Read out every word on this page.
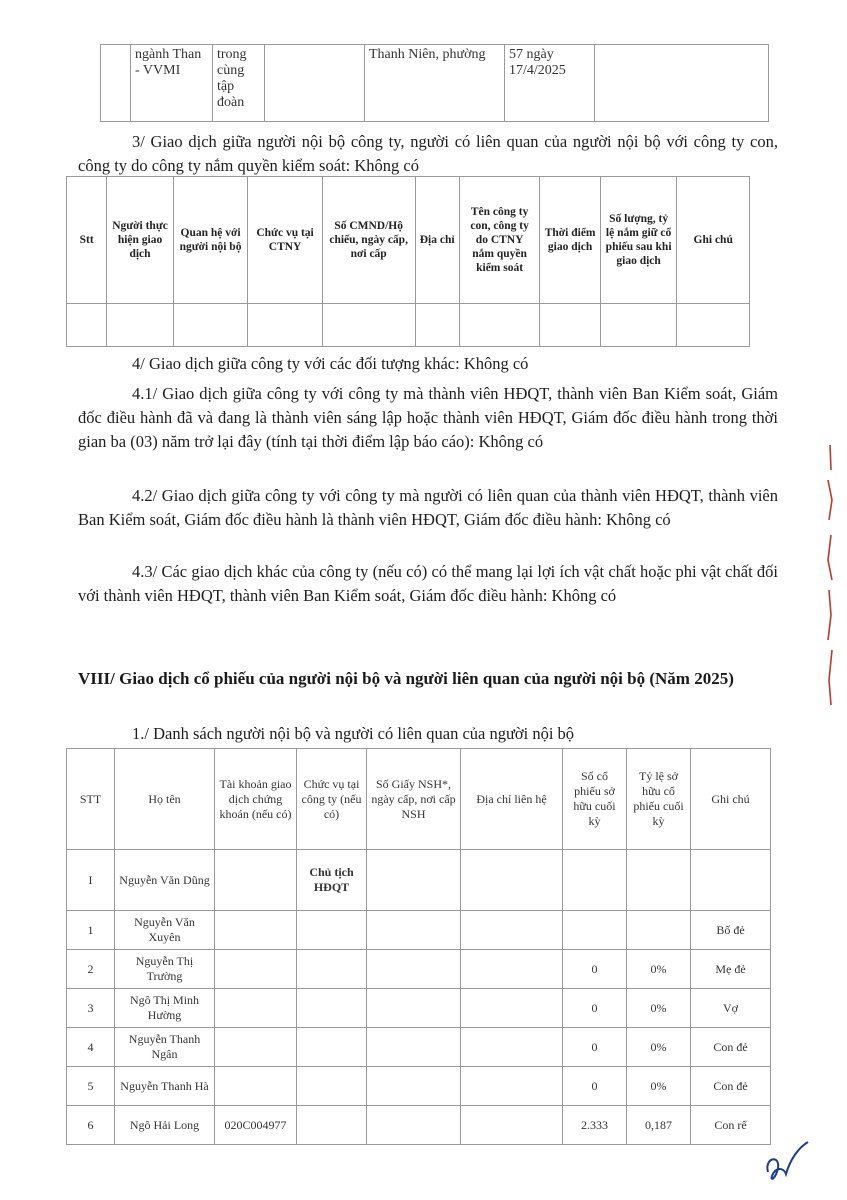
	ngành Than - VVMI	trong cùng tập đoàn		Thanh Niên, phường	57 ngày 17/4/2025	
3/ Giao dịch giữa người nội bộ công ty, người có liên quan của người nội bộ với công ty con, công ty do công ty nắm quyền kiểm soát: Không có
Stt	Người thực hiện giao dịch	Quan hệ với người nội bộ	Chức vụ tại CTNY	Số CMND/Hộ chiếu, ngày cấp, nơi cấp	Địa chỉ	Tên công ty con, công ty do CTNY nắm quyền kiểm soát	Thời điểm giao dịch	Số lượng, tỷ lệ nắm giữ cổ phiếu sau khi giao dịch	Ghi chú

4/ Giao dịch giữa công ty với các đối tượng khác: Không có
4.1/ Giao dịch giữa công ty với công ty mà thành viên HĐQT, thành viên Ban Kiểm soát, Giám đốc điều hành đã và đang là thành viên sáng lập hoặc thành viên HĐQT, Giám đốc điều hành trong thời gian ba (03) năm trở lại đây (tính tại thời điểm lập báo cáo): Không có
4.2/ Giao dịch giữa công ty với công ty mà người có liên quan của thành viên HĐQT, thành viên Ban Kiểm soát, Giám đốc điều hành là thành viên HĐQT, Giám đốc điều hành: Không có
4.3/ Các giao dịch khác của công ty (nếu có) có thể mang lại lợi ích vật chất hoặc phi vật chất đối với thành viên HĐQT, thành viên Ban Kiểm soát, Giám đốc điều hành: Không có
VIII/ Giao dịch cổ phiếu của người nội bộ và người liên quan của người nội bộ (Năm 2025)
1./ Danh sách người nội bộ và người có liên quan của người nội bộ
STT	Họ tên	Tài khoản giao dịch chứng khoán (nếu có)	Chức vụ tại công ty (nếu có)	Số Giấy NSH*, ngày cấp, nơi cấp NSH	Địa chỉ liên hệ	Số cổ phiếu sở hữu cuối kỳ	Tỷ lệ sở hữu cổ phiếu cuối kỳ	Ghi chú
I	Nguyễn Văn Dũng		Chủ tịch HĐQT					
1	Nguyễn Văn Xuyên							Bố đẻ
2	Nguyễn Thị Trường					0	0%	Mẹ đẻ
3	Ngô Thị Minh Hường					0	0%	Vợ
4	Nguyễn Thanh Ngân					0	0%	Con đẻ
5	Nguyễn Thanh Hà					0	0%	Con đẻ
6	Ngô Hải Long	020C004977				2.333	0,187	Con rể
